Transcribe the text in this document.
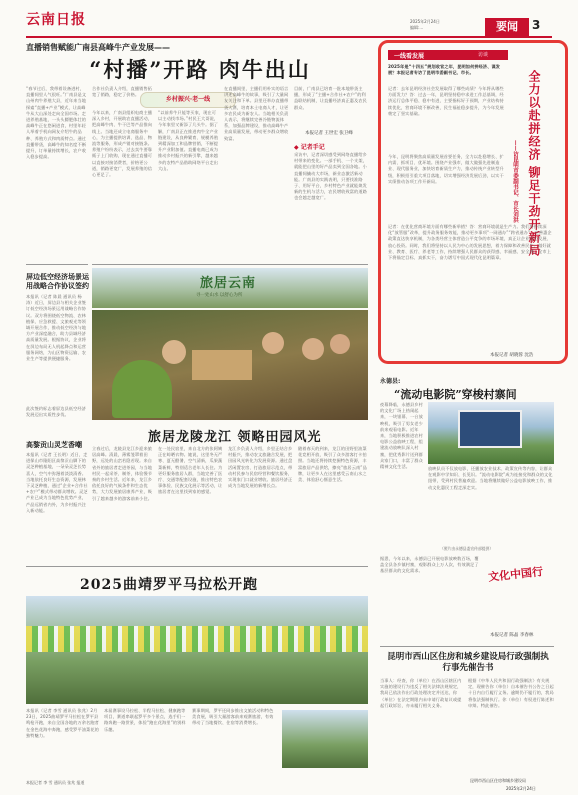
云南日报	2025年2月24日
编辑:...	要闻	3
直播销售赋能广南县高峰牛产业发展——
“村播”开路 肉牛出山
“春节过后，我带着设备进村，直播间里人气很旺。”广南县是文山州肉牛养殖大县，近年来当地探索“直播+产业”模式，让高峰牛从大山深处走向全国市场。走进养殖基地，一头头膘肥体壮的高峰牛正在悠闲进食，村里年轻人举着手机向网友介绍牛的品种、养殖方式和肉质特点。通过直播带货，高峰牛的知名度不断提升，订单量持续增长，农户收入稳步提高。
合作社负责人介绍，直播销售拓宽了销路，稳定了价格。
乡村振兴·老一线
今年以来，广南县组织电商主播深入乡村，开展助农直播活动，把高峰牛肉、牛干巴等产品推向线上。当地还成立电商服务中心，为主播提供培训、选品、物流等服务，形成产销对接链条。养殖户纷纷表示，过去卖牛要靠贩子上门收购，现在通过直播可以直接对接消费者，价格更公道，销路更宽广，发展养殖的信心更足了。
“以前养牛只能等买家，现在可以主动找市场。”村民王大哥说，今年家里又新添了几头牛。据了解，广南县正在推进肉牛全产业链建设，从良种繁育、规模养殖到精深加工和品牌营销，不断提升产业附加值。直播电商已成为推动乡村振兴的新引擎，越来越多的农特产品借助网络平台走出大山。
在直播间里，主播们用朴实的语言讲述高峰牛的故事，吸引了大量网友关注和下单。县里还举办直播带货大赛，培育本土电商人才，让更多农民成为新农人。当地相关负责人表示，将继续完善冷链物流体系，加强品牌建设，推动高峰牛产业高质量发展，带动更多群众增收致富。
目前，广南县已培育一批本地带货主播，形成了“主播+合作社+农户”的利益联结机制，让直播经济真正惠及农民群众。
本报记者 王世宏 张卫峰
◆ 记者手记
采访中，记者深切感受到网络直播给乡村带来的变化。一部手机、一个支架，就能把山里的好产品卖到全国各地。小直播间撬动大市场，新业态激活新动能。广南县的实践表明，只要找准路子、用好平台，乡村特色产业就能焕发新的生机与活力，农民增收致富的道路也会越走越宽广。
屏边低空经济场景运用战略合作协议签约
本报讯（记者 陈晨 通讯员 杨涛）近日，屏边县与相关企业签订低空经济场景运用战略合作协议。双方将围绕低空物流、农林植保、应急救援、文旅观光等领域开展合作，推动低空经济与地方产业深度融合，助力县域经济高质量发展。根据协议，企业将在屏边布局无人机起降点和运营服务网络，为山区物资运输、农业生产等提供便捷服务。
此次签约标志着屏边县低空经济发展迈出实质性步伐。
高黎贡山灵芝香嘲
本报讯（记者 王长明）近日，走进保山市隆阳区高黎贡山脚下的灵芝种植基地，一朵朵灵芝长势喜人，空气中弥漫着淡淡清香。当地依托良好生态资源，发展林下灵芝种植，通过“企业+合作社+农户”模式带动群众增收。灵芝产业已成为当地特色优势产业，产品远销省内外，为乡村振兴注入新动能。
旅居云南
寻一处山水 以舒心为所
旅居龙陵龙江 领略田园风光
立春过后，龙陵县龙江乡迎来旅居高峰。清晨，薄雾笼罩着田野，远处的山峦若隐若现。来自省外的旅居者走进茶园，与当地村民一起采茶、制茶，体验慢节奏的乡村生活。近年来，龙江乡依托良好的气候条件和生态优势，大力发展旅居康养产业，吸引了越来越多的游客前来小住。
在一处民宿里，来自北方的张阿姨正在晾晒衣物。她说，这里冬无严寒、夏无酷暑，空气清新，瓜果蔬菜新鲜，特别适合老年人长住。为更好服务旅居人群，当地完善了医疗、交通等配套设施，推出特色农事体验、民族文化展示等活动，让旅居者在这里找到家的感觉。
龙江乡负责人介绍，乡里正结合乡村振兴，推动农文旅融合发展，把田园风光转化为发展资源。通过盘活闲置农房、打造旅居示范点，带动村民参与民宿经营和餐饮服务，实现家门口就业增收。旅居经济正成为当地发展的新增长点。
随着春天的到来，龙江的田野里油菜花竞相开放，吸引了众多游客打卡拍照。当地还将持续挖掘特色资源，丰富旅居产品供给，擦亮“旅居云南”品牌，让更多人在这里感受云南山水之美、体验舒心惬意生活。
一线看发展	访谈
全力以赴拼经济 铆足干劲开新局
——访昆明市委副书记、市长刘洪
2025年是“十四五”规划收官之年，昆明如何拼经济、谋发展？本报记者专访了昆明市委副书记、市长。
记者：去年昆明经济社会发展取得了哪些成绩？今年将从哪些方面发力？答：过去一年，昆明坚持稳中求进工作总基调，经济运行总体平稳、稳中有进，主要指标好于预期，产业结构持续优化，营商环境不断改善，民生福祉稳步提升，为今年发展奠定了坚实基础。
今年，昆明将聚焦高质量发展首要任务，全力以赴稳增长、扩内需、抓项目、优环境。围绕产业强市，做大做强先进制造业、现代服务业，加快培育新质生产力，推动传统产业转型升级，积极招引重大项目落地，切实增强经济发展后劲，以实干实绩推动各项工作开新局。
记者：在优化营商环境方面有哪些新举措？答：营商环境就是生产力。我们将持续深化“放管服”改革，提升政务服务效能，推动更多事项“一网通办”“跨省通办”，完善惠企政策直达快享机制，为各类经营主体营造公平竞争的市场环境，真正让企业安心发展、放心投资。同时，我们将坚持以人民为中心的发展思想，着力保障和改善民生，做好就业、教育、医疗、养老等工作，持续增强人民群众的获得感、幸福感、安全感。全市上下将锚定目标、真抓实干，奋力谱写中国式现代化昆明篇章。
本报记者 胡晓蓉 沈浩
永德县:
“流动电影院”穿梭村寨间
夜幕降临，永德县乡村的文化广场上热闹起来，一块银幕、一台放映机，吸引了男女老少前来观看电影。近年来，当地积极推进农村电影公益放映工程，组建流动放映队深入村寨，把优秀影片送到群众家门口，丰富了群众精神文化生活。	放映队员不仅放电影，还播放农业技术、政策宣传等内容，让群众在观影中学知识、长见识。“流动电影院”成为连接党和群众的文化纽带，受到村民普遍欢迎。当地将继续做好公益电影放映工作，推动文化惠民工程走深走实。
本报记者 陈晶 李春林
（照片由永德县委宣传部提供）
据悉，今年以来，永德县已开展电影放映数百场，覆盖全县各乡镇村寨，观影群众上万人次，有效满足了基层群众的文化需求。	文化中国行
2025曲靖罗平马拉松开跑
本报讯（记者 李雪 通讯员 张兆）2月23日，2025曲靖罗平马拉松在罗平县鸣枪开跑，来自全国各地的万余名跑者在金色花海中奔跑，感受罗平油菜花的独特魅力。
本届赛事设马拉松、半程马拉松、健康跑等项目，赛道串联起罗平多个景点，选手们一路奔跑一路赏景，体验“跑在花海里”的别样乐趣。
赛事期间，罗平还同步推出文旅活动和特色美食展，吸引大量游客前来观赛旅游，有效带动了当地餐饮、住宿等消费增长。
本报记者 李 雪 通讯员 张兆 报道
昆明市西山区住房和城乡建设局行政强制执行事先催告书
当事人：经查，你（单位）在西山区辖区内实施的建设行为违反了相关法律法规规定，我局已依法作出行政处理决定并送达，你（单位）在法定期限内未申请行政复议或提起行政诉讼，亦未履行相关义务。
根据《中华人民共和国行政强制法》有关规定，现催告你（单位）自本催告书公告之日起十日内自行履行义务。逾期仍不履行的，我局将依法强制执行。你（单位）有权进行陈述和申辩。特此催告。
昆明市西山区住房和城乡建设局
2025年2月24日
